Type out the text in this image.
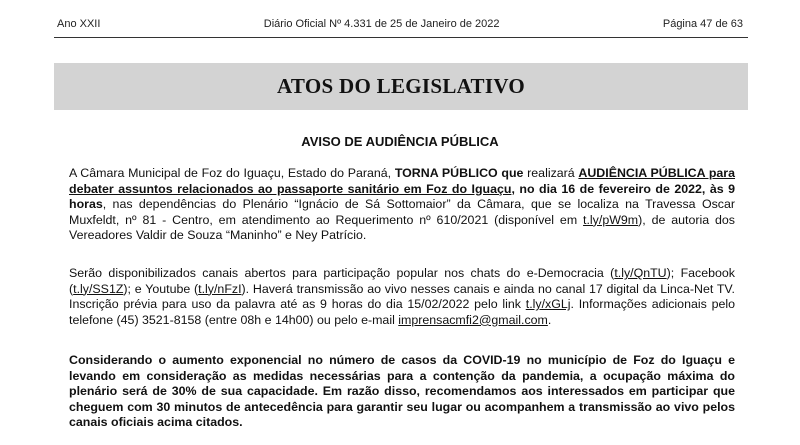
Ano XXII	Diário Oficial Nº 4.331 de 25 de Janeiro de 2022	Página 47 de 63
ATOS DO LEGISLATIVO
AVISO DE AUDIÊNCIA PÚBLICA

A Câmara Municipal de Foz do Iguaçu, Estado do Paraná, TORNA PÚBLICO que realizará AUDIÊNCIA PÚBLICA para debater assuntos relacionados ao passaporte sanitário em Foz do Iguaçu, no dia 16 de fevereiro de 2022, às 9 horas, nas dependências do Plenário “Ignácio de Sá Sottomaior” da Câmara, que se localiza na Travessa Oscar Muxfeldt, nº 81 - Centro, em atendimento ao Requerimento nº 610/2021 (disponível em t.ly/pW9m), de autoria dos Vereadores Valdir de Souza “Maninho” e Ney Patrício.

Serão disponibilizados canais abertos para participação popular nos chats do e-Democracia (t.ly/QnTU); Facebook (t.ly/SS1Z); e Youtube (t.ly/nFzI). Haverá transmissão ao vivo nesses canais e ainda no canal 17 digital da Linca-Net TV. Inscrição prévia para uso da palavra até as 9 horas do dia 15/02/2022 pelo link t.ly/xGLj. Informações adicionais pelo telefone (45) 3521-8158 (entre 08h e 14h00) ou pelo e-mail imprensacmfi2@gmail.com.

Considerando o aumento exponencial no número de casos da COVID-19 no município de Foz do Iguaçu e levando em consideração as medidas necessárias para a contenção da pandemia, a ocupação máxima do plenário será de 30% de sua capacidade. Em razão disso, recomendamos aos interessados em participar que cheguem com 30 minutos de antecedência para garantir seu lugar ou acompanhem a transmissão ao vivo pelos canais oficiais acima citados.
